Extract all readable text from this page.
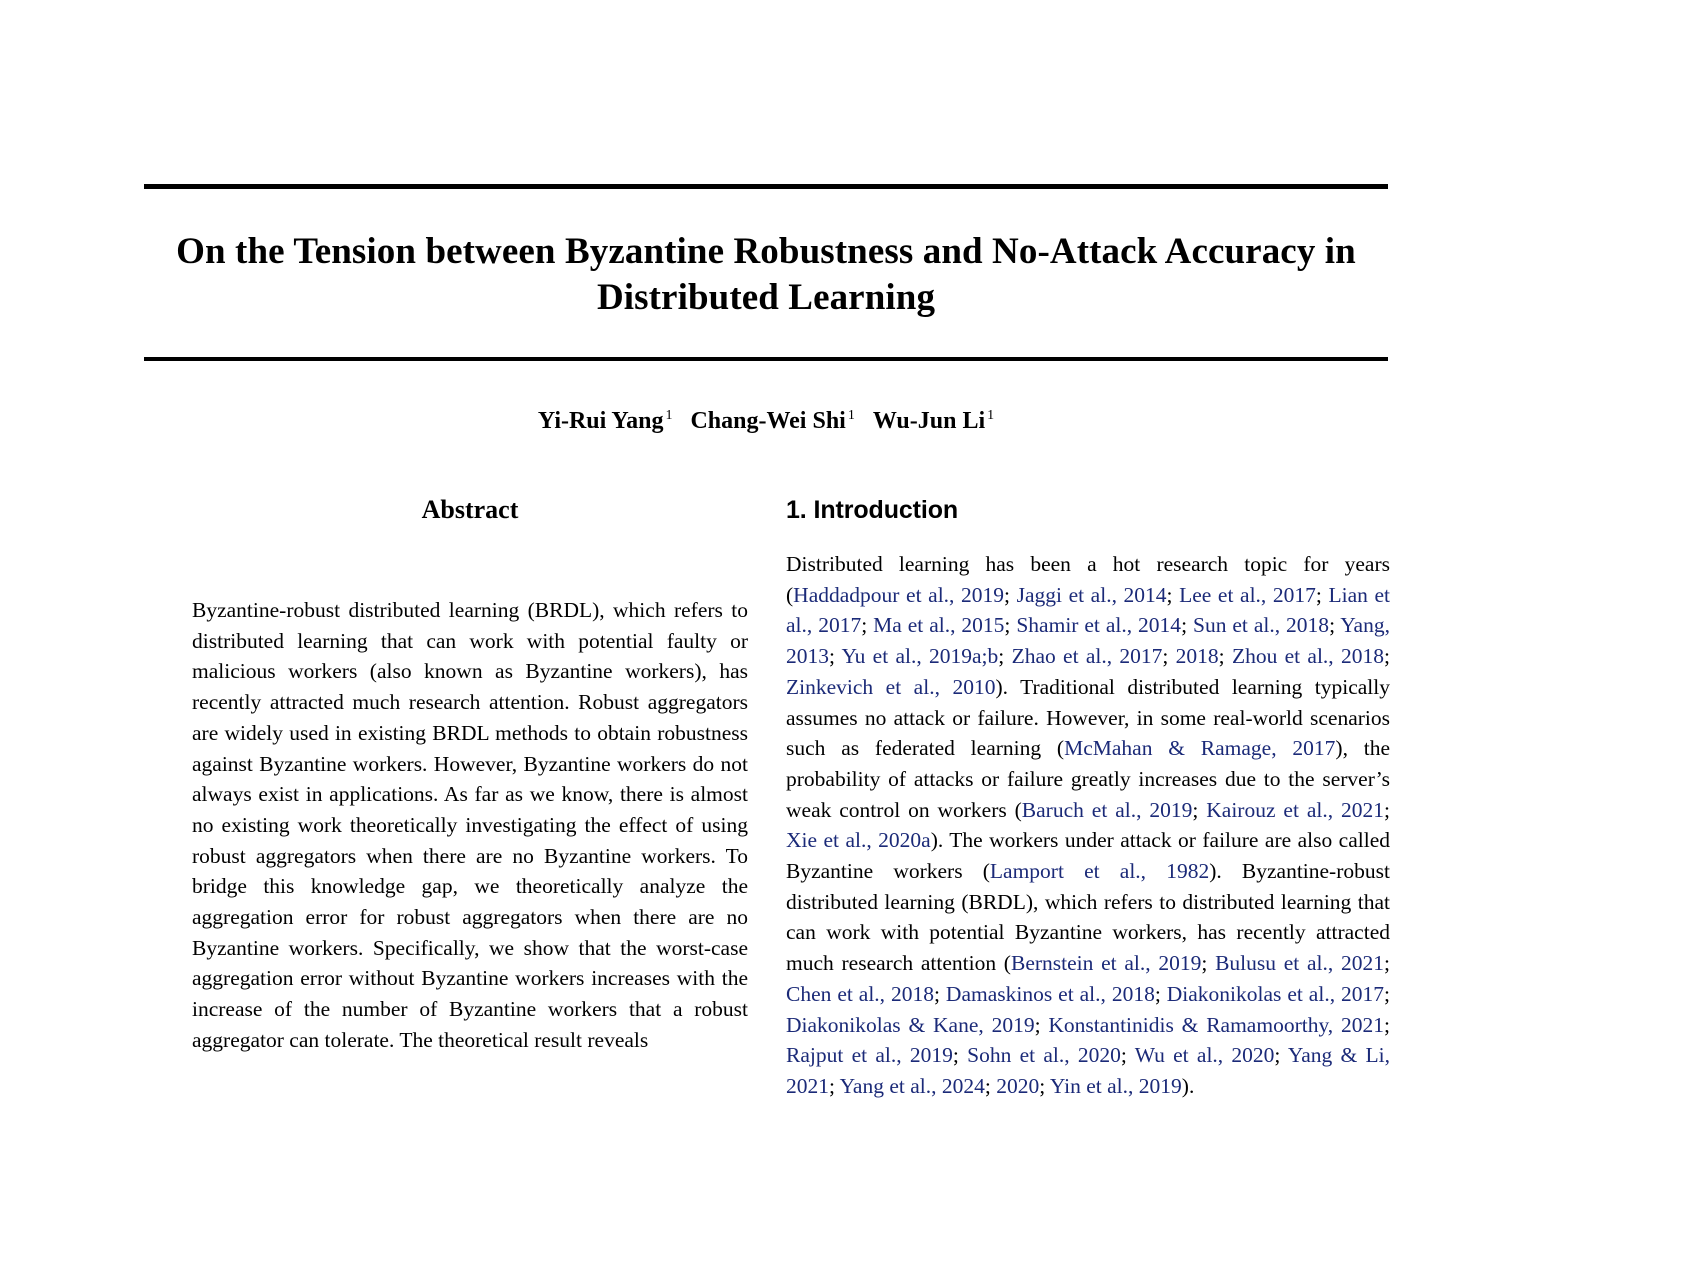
On the Tension between Byzantine Robustness and No-Attack Accuracy in Distributed Learning
Yi-Rui Yang $^1$ Chang-Wei Shi $^1$ Wu-Jun Li $^1$
Abstract
Byzantine-robust distributed learning (BRDL), which refers to distributed learning that can work with potential faulty or malicious workers (also known as Byzantine workers), has recently attracted much research attention. Robust aggregators are widely used in existing BRDL methods to obtain robustness against Byzantine workers. However, Byzantine workers do not always exist in applications. As far as we know, there is almost no existing work theoretically investigating the effect of using robust aggregators when there are no Byzantine workers. To bridge this knowledge gap, we theoretically analyze the aggregation error for robust aggregators when there are no Byzantine workers. Specifically, we show that the worst-case aggregation error without Byzantine workers increases with the increase of the number of Byzantine workers that a robust aggregator can tolerate. The theoretical result reveals
1. Introduction
Distributed learning has been a hot research topic for years (Haddadpour et al., 2019; Jaggi et al., 2014; Lee et al., 2017; Lian et al., 2017; Ma et al., 2015; Shamir et al., 2014; Sun et al., 2018; Yang, 2013; Yu et al., 2019a;b; Zhao et al., 2017; 2018; Zhou et al., 2018; Zinkevich et al., 2010). Traditional distributed learning typically assumes no attack or failure. However, in some real-world scenarios such as federated learning (McMahan & Ramage, 2017), the probability of attacks or failure greatly increases due to the server’s weak control on workers (Baruch et al., 2019; Kairouz et al., 2021; Xie et al., 2020a). The workers under attack or failure are also called Byzantine workers (Lamport et al., 1982). Byzantine-robust distributed learning (BRDL), which refers to distributed learning that can work with potential Byzantine workers, has recently attracted much research attention (Bernstein et al., 2019; Bulusu et al., 2021; Chen et al., 2018; Damaskinos et al., 2018; Diakonikolas et al., 2017; Diakonikolas & Kane, 2019; Konstantinidis & Ramamoorthy, 2021; Rajput et al., 2019; Sohn et al., 2020; Wu et al., 2020; Yang & Li, 2021; Yang et al., 2024; 2020; Yin et al., 2019).
